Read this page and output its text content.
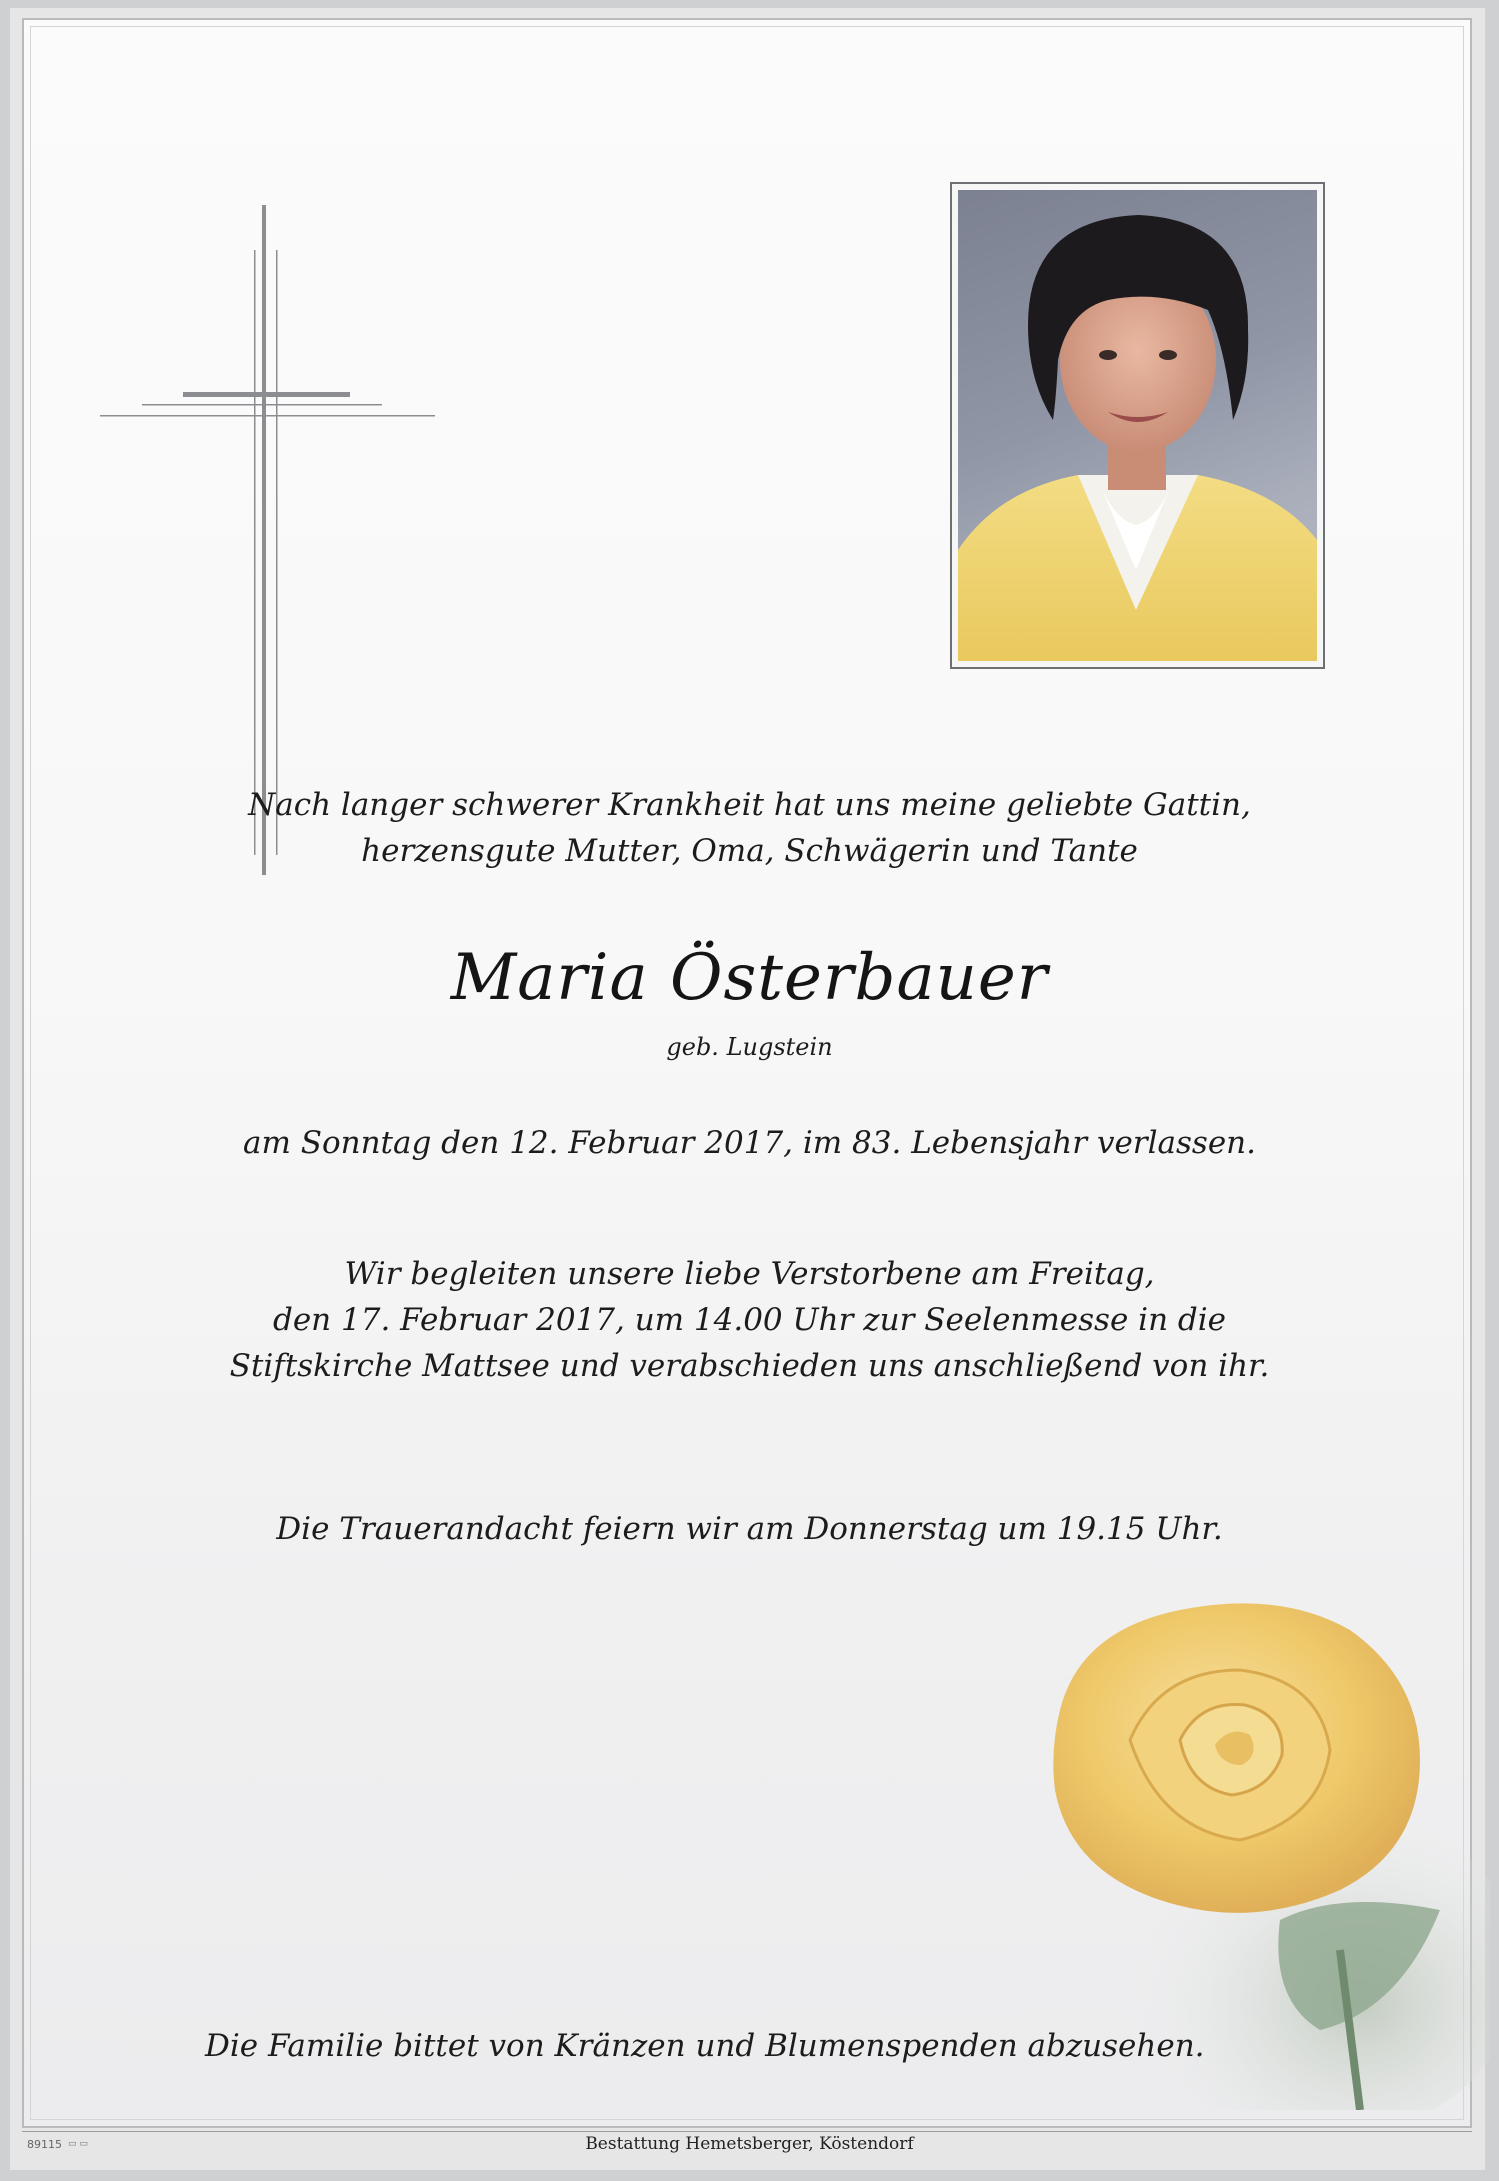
Nach langer schwerer Krankheit hat uns meine geliebte Gattin,
herzensgute Mutter, Oma, Schwägerin und Tante
Maria Österbauer
geb. Lugstein
am Sonntag den 12. Februar 2017, im 83. Lebensjahr verlassen.
Wir begleiten unsere liebe Verstorbene am Freitag,
den 17. Februar 2017, um 14.00 Uhr zur Seelenmesse in die
Stiftskirche Mattsee und verabschieden uns anschließend von ihr.
Die Trauerandacht feiern wir am Donnerstag um 19.15 Uhr.
Die Familie bittet von Kränzen und Blumenspenden abzusehen.
89115 ▭ ▭	Bestattung Hemetsberger, Köstendorf
